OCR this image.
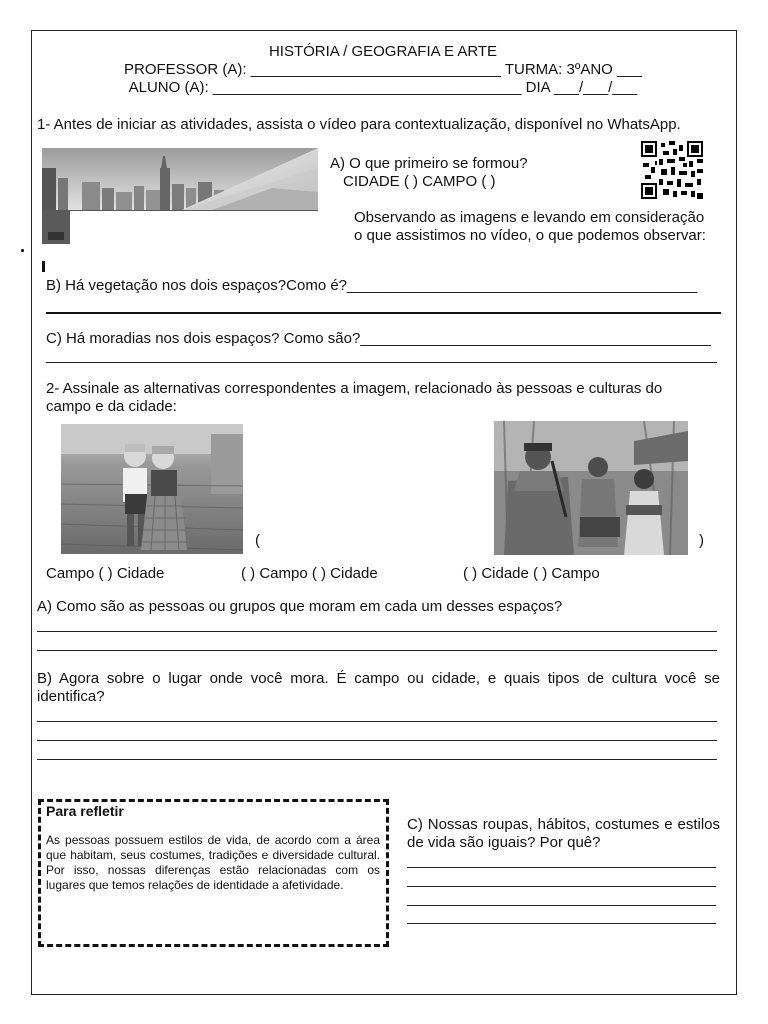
HISTÓRIA / GEOGRAFIA E ARTE
PROFESSOR (A): ______________________________ TURMA: 3ºANO ___
ALUNO (A): _____________________________________ DIA ___/___/___
1- Antes de iniciar as atividades, assista o vídeo para contextualização, disponível no WhatsApp.
A) O que primeiro se formou?
CIDADE ( ) CAMPO ( )
Observando as imagens e levando em consideração
o que assistimos no vídeo, o que podemos observar:
B) Há vegetação nos dois espaços?Como é?__________________________________________
C) Há moradias nos dois espaços? Como são?__________________________________________
2- Assinale as alternativas correspondentes a imagem, relacionado às pessoas e culturas do campo e da cidade:
(	)
Campo ( ) Cidade	( ) Campo ( ) Cidade	( ) Cidade ( ) Campo
A) Como são as pessoas ou grupos que moram em cada um desses espaços?
B) Agora sobre o lugar onde você mora. É campo ou cidade, e quais tipos de cultura você se identifica?
Para refletir
As pessoas possuem estilos de vida, de acordo com a área que habitam, seus costumes, tradições e diversidade cultural. Por isso, nossas diferenças estão relacionadas com os lugares que temos relações de identidade a afetividade.
C) Nossas roupas, hábitos, costumes e estilos de vida são iguais? Por quê?
